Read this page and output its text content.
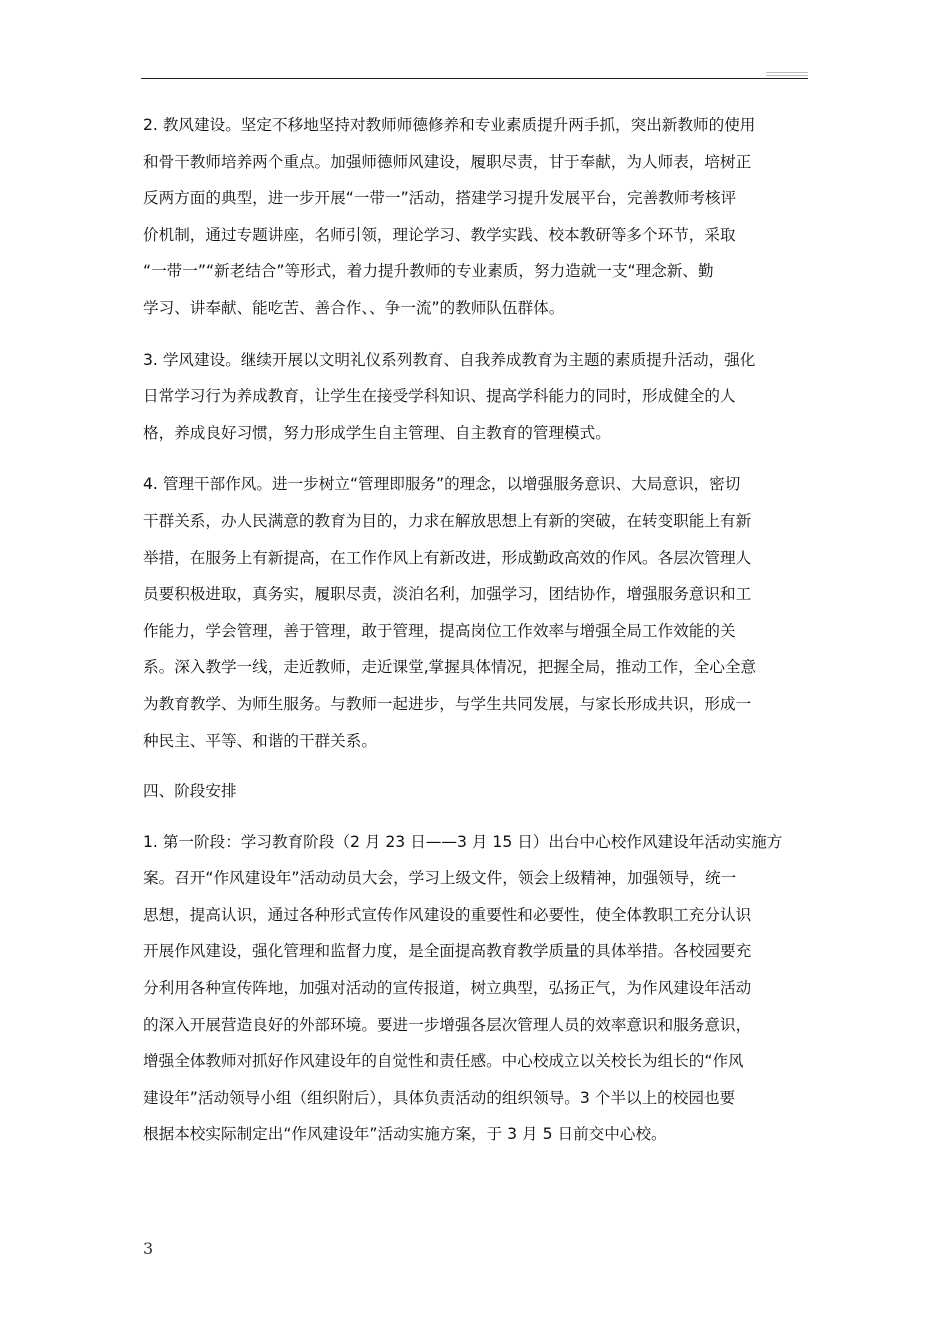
2. 教风建设。坚定不移地坚持对教师师德修养和专业素质提升两手抓，突出新教师的使用
和骨干教师培养两个重点。加强师德师风建设，履职尽责，甘于奉献，为人师表，培树正
反两方面的典型，进一步开展“一带一”活动，搭建学习提升发展平台，完善教师考核评
价机制，通过专题讲座，名师引领，理论学习、教学实践、校本教研等多个环节，采取
“一带一”“新老结合”等形式，着力提升教师的专业素质，努力造就一支“理念新、勤
学习、讲奉献、能吃苦、善合作、、争一流”的教师队伍群体。

3. 学风建设。继续开展以文明礼仪系列教育、自我养成教育为主题的素质提升活动，强化
日常学习行为养成教育，让学生在接受学科知识、提高学科能力的同时，形成健全的人
格，养成良好习惯，努力形成学生自主管理、自主教育的管理模式。

4. 管理干部作风。进一步树立“管理即服务”的理念，以增强服务意识、大局意识，密切
干群关系，办人民满意的教育为目的，力求在解放思想上有新的突破，在转变职能上有新
举措，在服务上有新提高，在工作作风上有新改进，形成勤政高效的作风。各层次管理人
员要积极进取，真务实，履职尽责，淡泊名利，加强学习，团结协作，增强服务意识和工
作能力，学会管理，善于管理，敢于管理，提高岗位工作效率与增强全局工作效能的关
系。深入教学一线，走近教师，走近课堂,掌握具体情况，把握全局，推动工作，全心全意
为教育教学、为师生服务。与教师一起进步，与学生共同发展，与家长形成共识，形成一
种民主、平等、和谐的干群关系。

四、阶段安排

1. 第一阶段：学习教育阶段（2 月 23 日——3 月 15 日）出台中心校作风建设年活动实施方
案。召开“作风建设年”活动动员大会，学习上级文件，领会上级精神，加强领导，统一
思想，提高认识，通过各种形式宣传作风建设的重要性和必要性，使全体教职工充分认识
开展作风建设，强化管理和监督力度，是全面提高教育教学质量的具体举措。各校园要充
分利用各种宣传阵地，加强对活动的宣传报道，树立典型，弘扬正气，为作风建设年活动
的深入开展营造良好的外部环境。要进一步增强各层次管理人员的效率意识和服务意识，
增强全体教师对抓好作风建设年的自觉性和责任感。中心校成立以关校长为组长的“作风
建设年”活动领导小组（组织附后），具体负责活动的组织领导。3 个半以上的校园也要
根据本校实际制定出“作风建设年”活动实施方案，于 3 月 5 日前交中心校。

3
